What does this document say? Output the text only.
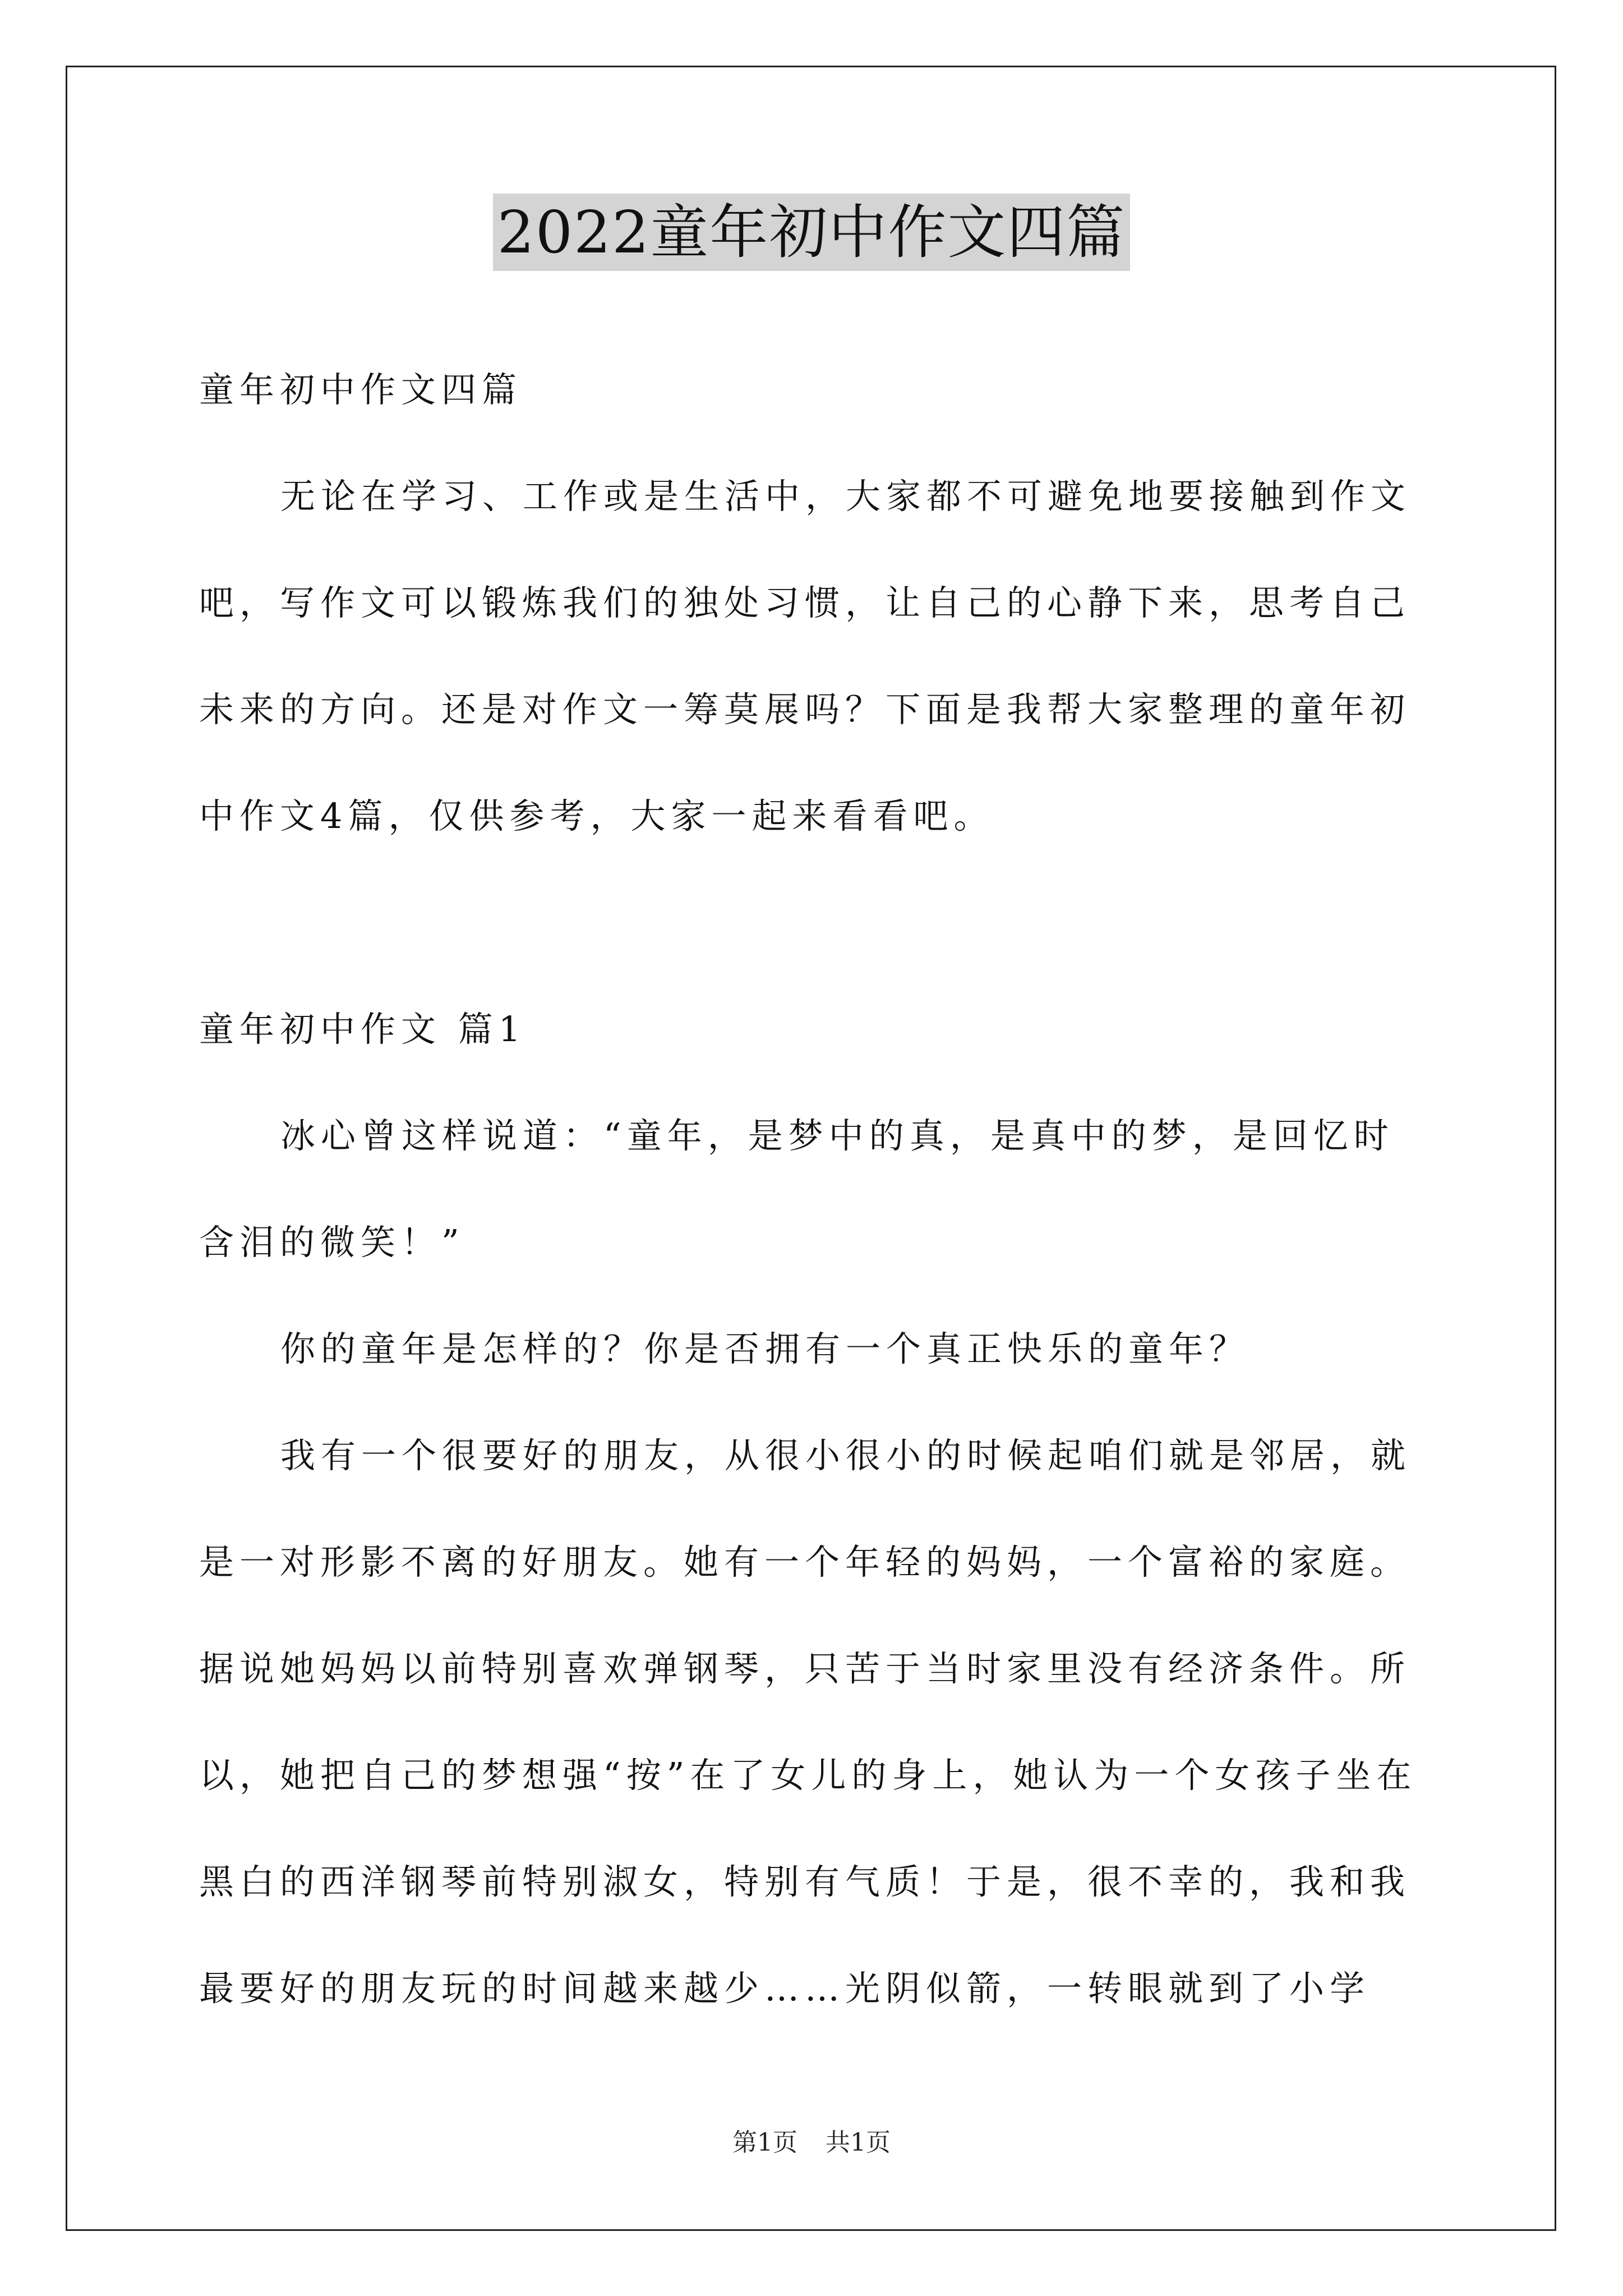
2022童年初中作文四篇

童年初中作文四篇

无论在学习、工作或是生活中，大家都不可避免地要接触到作文吧，写作文可以锻炼我们的独处习惯，让自己的心静下来，思考自己未来的方向。还是对作文一筹莫展吗？下面是我帮大家整理的童年初中作文4篇，仅供参考，大家一起来看看吧。

童年初中作文 篇1

冰心曾这样说道：“童年，是梦中的真，是真中的梦，是回忆时含泪的微笑！”

你的童年是怎样的？你是否拥有一个真正快乐的童年？

我有一个很要好的朋友，从很小很小的时候起咱们就是邻居，就是一对形影不离的好朋友。她有一个年轻的妈妈，一个富裕的家庭。据说她妈妈以前特别喜欢弹钢琴，只苦于当时家里没有经济条件。所以，她把自己的梦想强“按”在了女儿的身上，她认为一个女孩子坐在黑白的西洋钢琴前特别淑女，特别有气质！于是，很不幸的，我和我最要好的朋友玩的时间越来越少……光阴似箭，一转眼就到了小学

第1页 共1页
